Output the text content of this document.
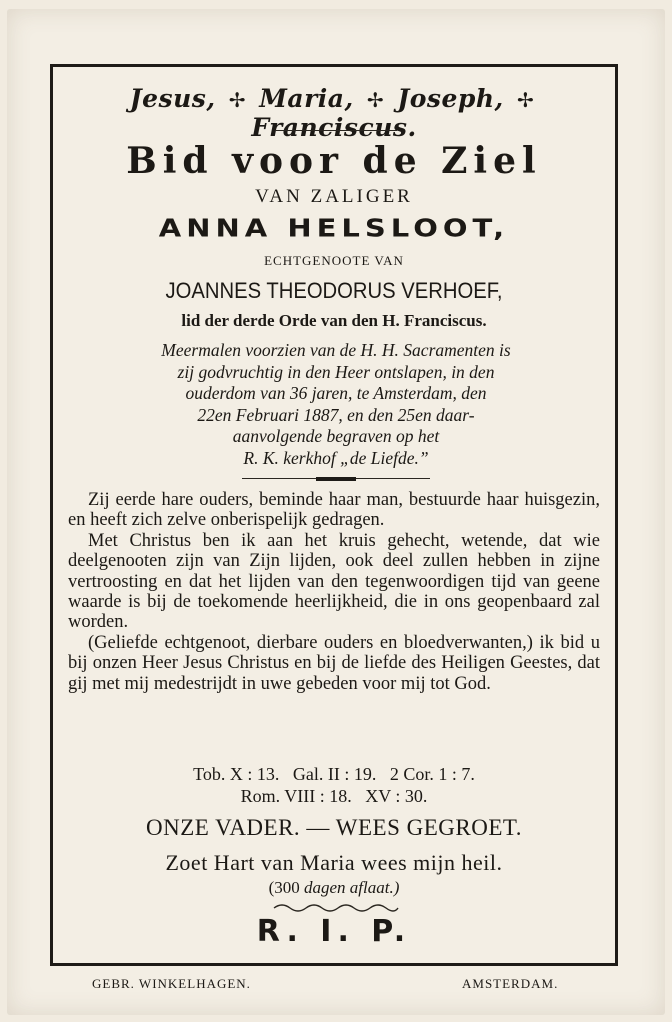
Jesus, ✢ Maria, ✢ Joseph, ✢ Franciscus.
Bid voor de Ziel
VAN ZALIGER
ANNA HELSLOOT,
ECHTGENOOTE VAN
JOANNES THEODORUS VERHOEF,
lid der derde Orde van den H. Franciscus.
Meermalen voorzien van de H. H. Sacramenten is
zij godvruchtig in den Heer ontslapen, in den
ouderdom van 36 jaren, te Amsterdam, den
22en Februari 1887, en den 25en daar-
aanvolgende begraven op het
R. K. kerkhof „de Liefde.”

Zij eerde hare ouders, beminde haar man, bestuurde haar huisgezin, en heeft zich zelve onberispelijk gedragen.

Met Christus ben ik aan het kruis gehecht, wetende, dat wie deelgenooten zijn van Zijn lijden, ook deel zullen hebben in zijne vertroosting en dat het lijden van den tegenwoordigen tijd van geene waarde is bij de toekomende heerlijkheid, die in ons geopenbaard zal worden.

(Geliefde echtgenoot, dierbare ouders en bloedverwanten,) ik bid u bij onzen Heer Jesus Christus en bij de liefde des Heiligen Geestes, dat gij met mij medestrijdt in uwe gebeden voor mij tot God.

Tob. X : 13.   Gal. II : 19.   2 Cor. 1 : 7.
Rom. VIII : 18.   XV : 30.
ONZE VADER. — WEES GEGROET.
Zoet Hart van Maria wees mijn heil.
(300 dagen aflaat.)
R. I. P.
GEBR. WINKELHAGEN.	AMSTERDAM.
